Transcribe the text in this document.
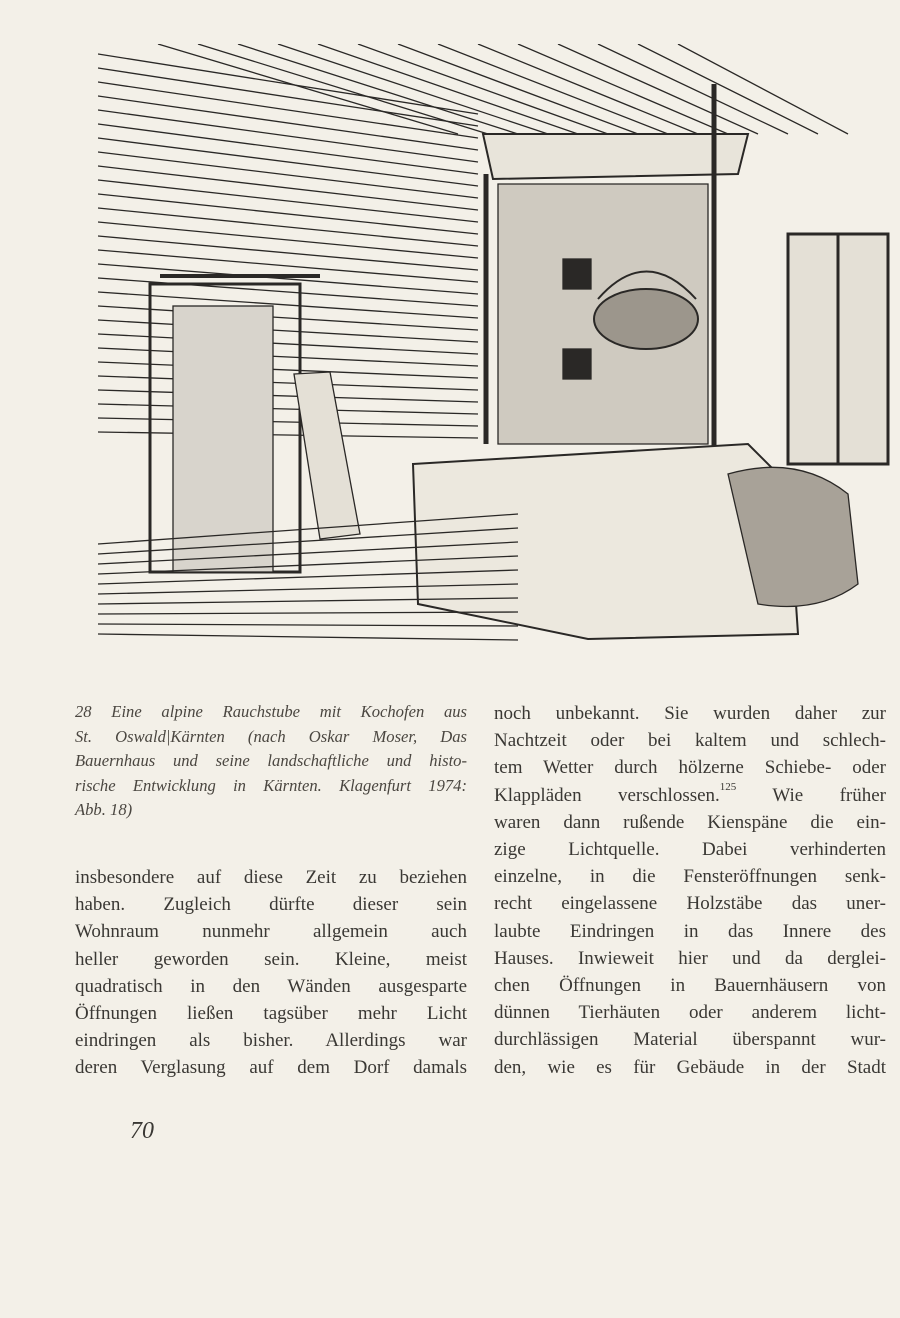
28 Eine alpine Rauchstube mit Kochofen aus
St. Oswald|Kärnten (nach Oskar Moser, Das
Bauernhaus und seine landschaftliche und histo-
rische Entwicklung in Kärnten. Klagenfurt 1974:
Abb. 18)
insbesondere auf diese Zeit zu beziehen
haben. Zugleich dürfte dieser sein
Wohnraum nunmehr allgemein auch
heller geworden sein. Kleine, meist
quadratisch in den Wänden ausgesparte
Öffnungen ließen tagsüber mehr Licht
eindringen als bisher. Allerdings war
deren Verglasung auf dem Dorf damals
noch unbekannt. Sie wurden daher zur
Nachtzeit oder bei kaltem und schlech-
tem Wetter durch hölzerne Schiebe- oder
Klappläden verschlossen.$^{125}$ Wie früher
waren dann rußende Kienspäne die ein-
zige Lichtquelle. Dabei verhinderten
einzelne, in die Fensteröffnungen senk-
recht eingelassene Holzstäbe das uner-
laubte Eindringen in das Innere des
Hauses. Inwieweit hier und da derglei-
chen Öffnungen in Bauernhäusern von
dünnen Tierhäuten oder anderem licht-
durchlässigen Material überspannt wur-
den, wie es für Gebäude in der Stadt
70
